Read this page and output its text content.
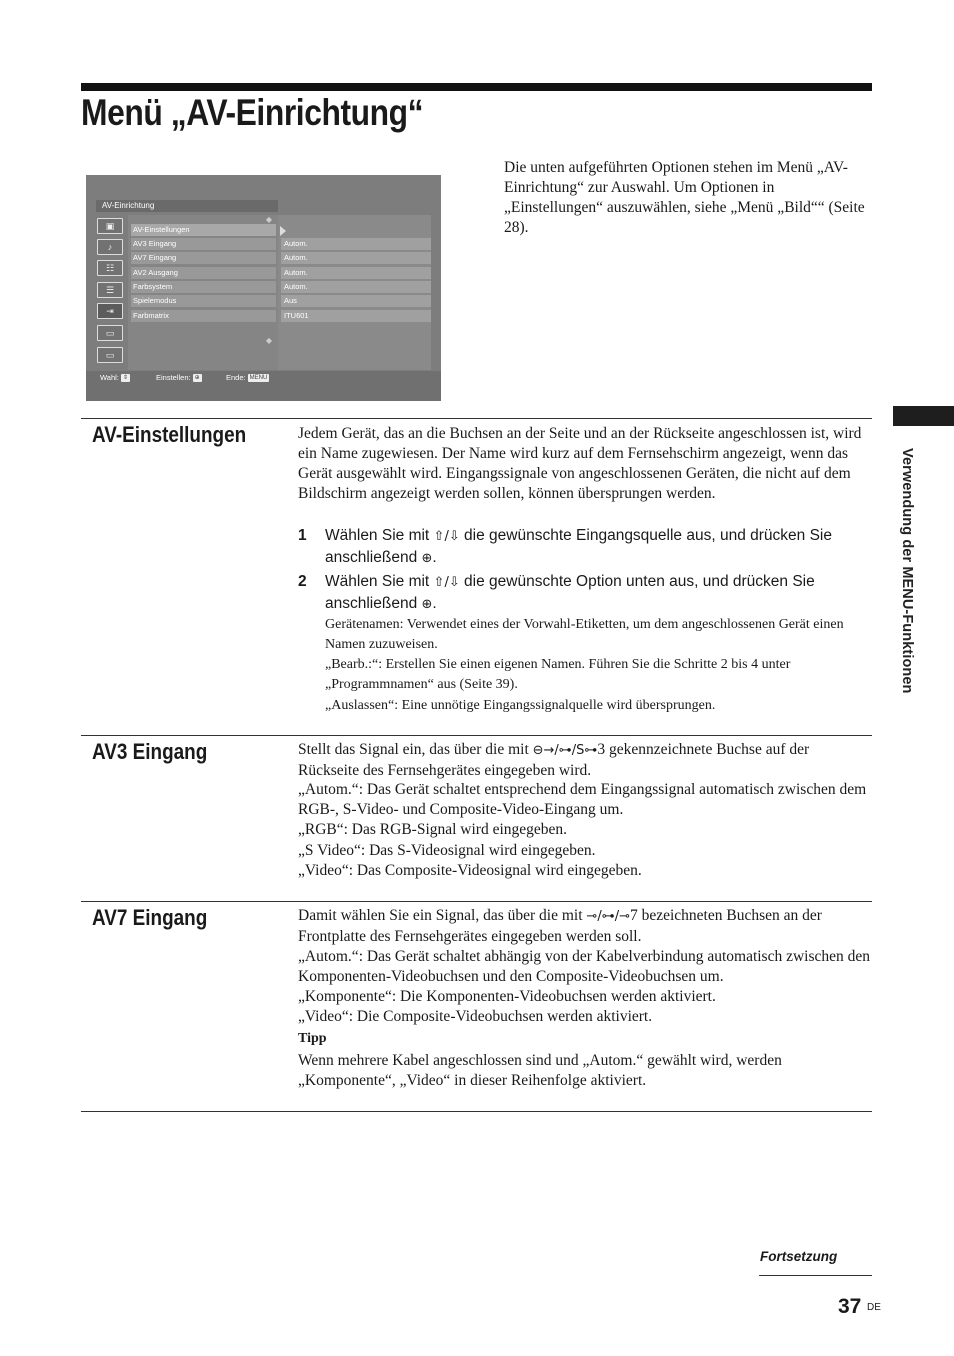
Menü „AV-Einrichtung“

Die unten aufgeführten Optionen stehen im Menü „AV-Einrichtung“ zur Auswahl. Um Optionen in „Einstellungen“ auszuwählen, siehe „Menü „Bild““ (Seite 28).

AV-Einrichtung
▣
♪
☷
☰
⇥
▭
▭
◆
◆
AV-Einstellungen
AV3 Eingang
AV7 Eingang
AV2 Ausgang
Farbsystem
Spielemodus
Farbmatrix
Autom.
Autom.
Autom.
Autom.
Aus
ITU601
Wahl: ⇕	Einstellen: ⊕	Ende: MENU
Verwendung der MENU-Funktionen
AV-Einstellungen	Jedem Gerät, das an die Buchsen an der Seite und an der Rückseite angeschlossen ist, wird ein Name zugewiesen. Der Name wird kurz auf dem Fernsehschirm angezeigt, wenn das Gerät ausgewählt wird. Eingangssignale von angeschlossenen Geräten, die nicht auf dem Bildschirm angezeigt werden sollen, können übersprungen werden.

1 Wählen Sie mit ⇧/⇩ die gewünschte Eingangsquelle aus, und drücken Sie anschließend ⊕.
2 Wählen Sie mit ⇧/⇩ die gewünschte Option unten aus, und drücken Sie anschließend ⊕.

Gerätenamen: Verwendet eines der Vorwahl-Etiketten, um dem angeschlossenen Gerät einen Namen zuzuweisen.

„Bearb.:“: Erstellen Sie einen eigenen Namen. Führen Sie die Schritte 2 bis 4 unter „Programmnamen“ aus (Seite 39).

„Auslassen“: Eine unnötige Eingangssignalquelle wird übersprungen.

AV3 Eingang	Stellt das Signal ein, das über die mit ⊖→/⊶/S⊶3 gekennzeichnete Buchse auf der Rückseite des Fernsehgerätes eingegeben wird.

„Autom.“: Das Gerät schaltet entsprechend dem Eingangssignal automatisch zwischen dem RGB-, S-Video- und Composite-Video-Eingang um.

„RGB“: Das RGB-Signal wird eingegeben.

„S Video“: Das S-Videosignal wird eingegeben.

„Video“: Das Composite-Videosignal wird eingegeben.

AV7 Eingang	Damit wählen Sie ein Signal, das über die mit ⊸/⊶/⊸7 bezeichneten Buchsen an der Frontplatte des Fernsehgerätes eingegeben werden soll.

„Autom.“: Das Gerät schaltet abhängig von der Kabelverbindung automatisch zwischen den Komponenten-Videobuchsen und den Composite-Videobuchsen um.

„Komponente“: Die Komponenten-Videobuchsen werden aktiviert.

„Video“: Die Composite-Videobuchsen werden aktiviert.

Tipp

Wenn mehrere Kabel angeschlossen sind und „Autom.“ gewählt wird, werden „Komponente“, „Video“ in dieser Reihenfolge aktiviert.

Fortsetzung
37 DE
